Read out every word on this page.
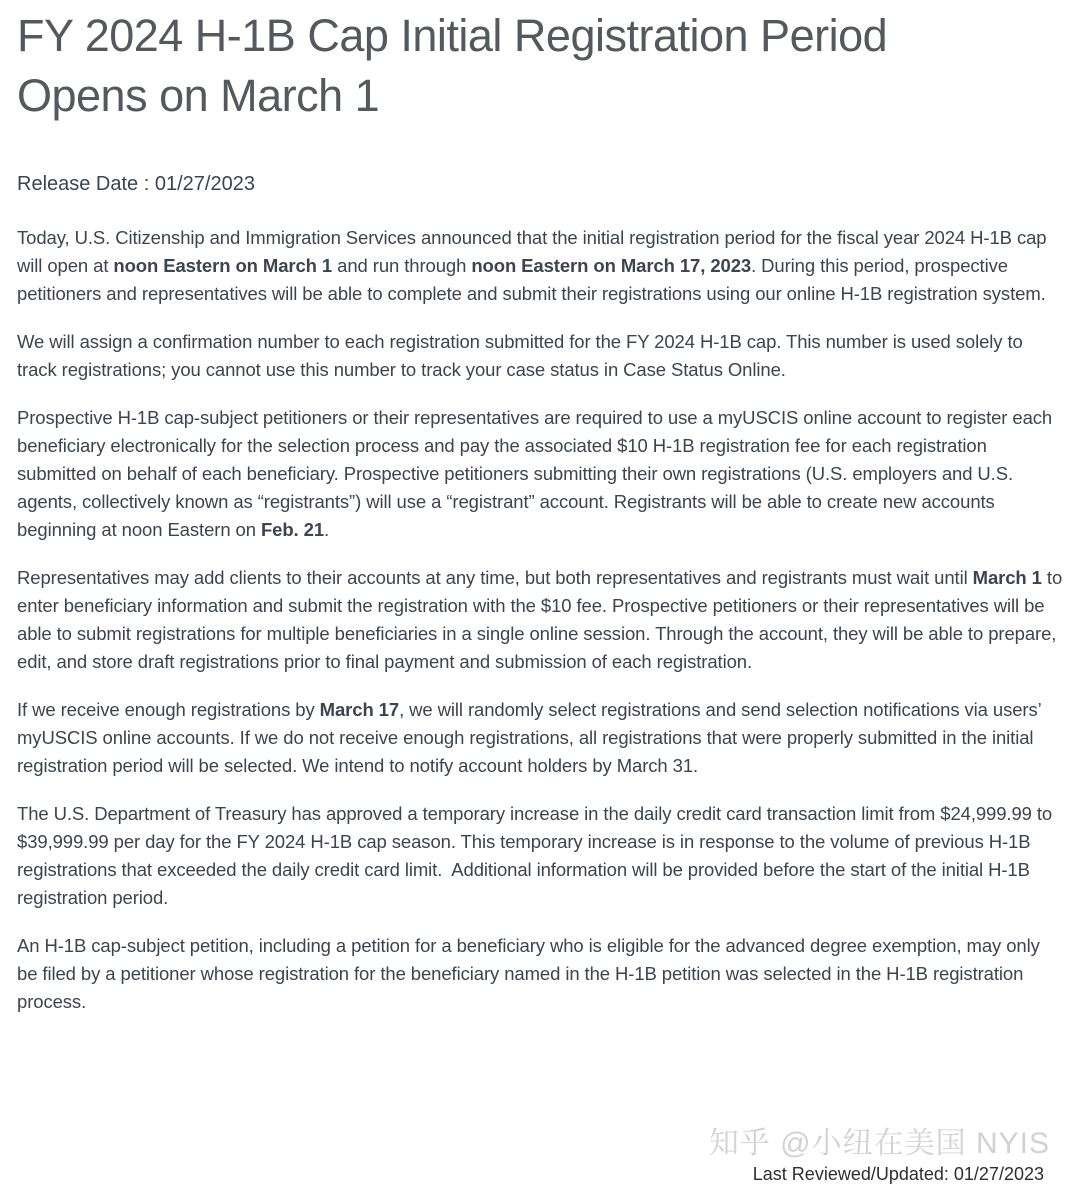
FY 2024 H-1B Cap Initial Registration Period Opens on March 1
Release Date : 01/27/2023

Today, U.S. Citizenship and Immigration Services announced that the initial registration period for the fiscal year 2024 H-1B cap will open at noon Eastern on March 1 and run through noon Eastern on March 17, 2023. During this period, prospective petitioners and representatives will be able to complete and submit their registrations using our online H-1B registration system.

We will assign a confirmation number to each registration submitted for the FY 2024 H-1B cap. This number is used solely to track registrations; you cannot use this number to track your case status in Case Status Online.

Prospective H-1B cap-subject petitioners or their representatives are required to use a myUSCIS online account to register each beneficiary electronically for the selection process and pay the associated $10 H-1B registration fee for each registration submitted on behalf of each beneficiary. Prospective petitioners submitting their own registrations (U.S. employers and U.S. agents, collectively known as “registrants”) will use a “registrant” account. Registrants will be able to create new accounts beginning at noon Eastern on Feb. 21.

Representatives may add clients to their accounts at any time, but both representatives and registrants must wait until March 1 to enter beneficiary information and submit the registration with the $10 fee. Prospective petitioners or their representatives will be able to submit registrations for multiple beneficiaries in a single online session. Through the account, they will be able to prepare, edit, and store draft registrations prior to final payment and submission of each registration.

If we receive enough registrations by March 17, we will randomly select registrations and send selection notifications via users’ myUSCIS online accounts. If we do not receive enough registrations, all registrations that were properly submitted in the initial registration period will be selected. We intend to notify account holders by March 31.

The U.S. Department of Treasury has approved a temporary increase in the daily credit card transaction limit from $24,999.99 to $39,999.99 per day for the FY 2024 H-1B cap season. This temporary increase is in response to the volume of previous H-1B registrations that exceeded the daily credit card limit.  Additional information will be provided before the start of the initial H-1B registration period.

An H-1B cap-subject petition, including a petition for a beneficiary who is eligible for the advanced degree exemption, may only be filed by a petitioner whose registration for the beneficiary named in the H-1B petition was selected in the H-1B registration process.

知乎 @小纽在美国 NYIS
Last Reviewed/Updated: 01/27/2023
